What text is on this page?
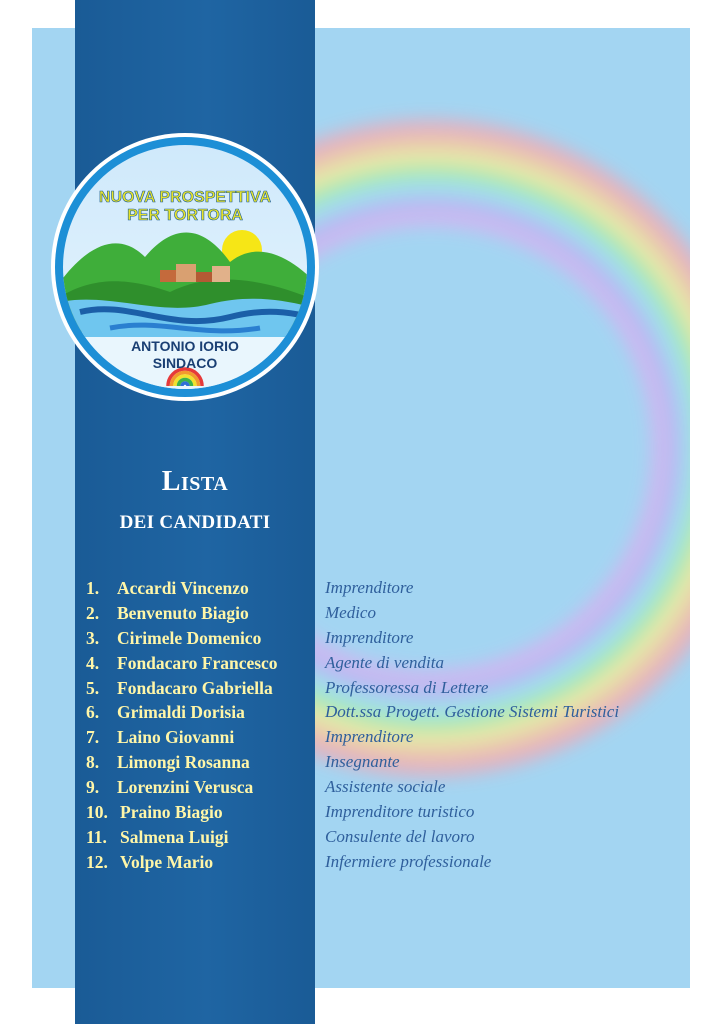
NUOVA PROSPETTIVA
PER TORTORA
ANTONIO IORIO
SINDACO
Lista
DEI CANDIDATI
1.	Accardi Vincenzo	Imprenditore
2.	Benvenuto Biagio	Medico
3.	Cirimele Domenico	Imprenditore
4.	Fondacaro Francesco	Agente di vendita
5.	Fondacaro Gabriella	Professoressa di Lettere
6.	Grimaldi Dorisia	Dott.ssa Progett. Gestione Sistemi Turistici
7.	Laino Giovanni	Imprenditore
8.	Limongi Rosanna	Insegnante
9.	Lorenzini Verusca	Assistente sociale
10. Praino Biagio	Imprenditore turistico
11. Salmena Luigi	Consulente del lavoro
12. Volpe Mario	Infermiere professionale
